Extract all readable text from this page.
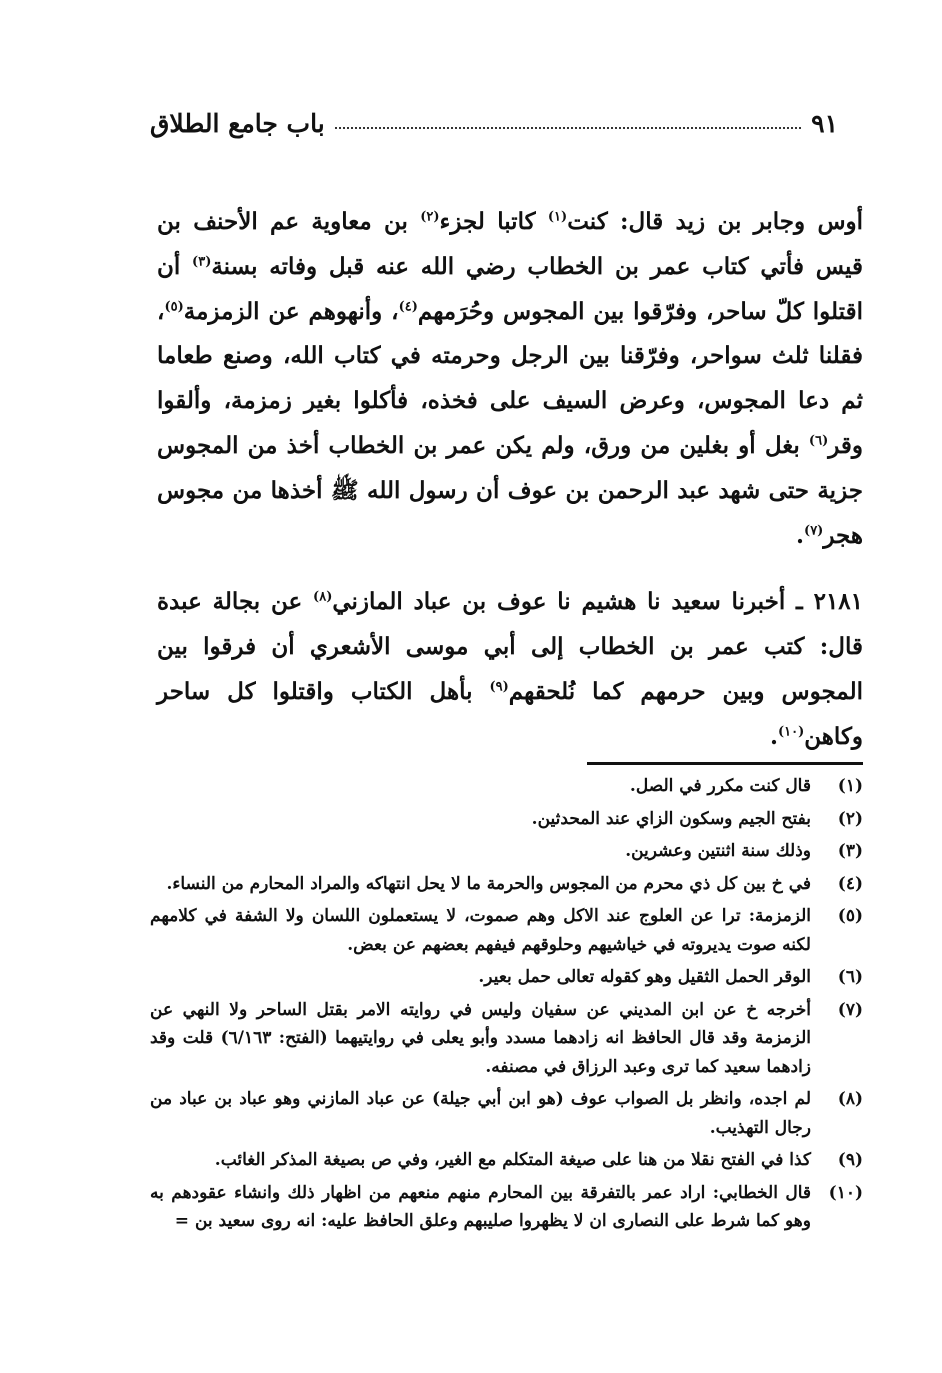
باب جامع الطلاق	٩١

أوس وجابر بن زيد قال: كنت$^{(١)}$ كاتبا لجزء$^{(٢)}$ بن معاوية عم الأحنف بن قيس فأتي كتاب عمر بن الخطاب رضي الله عنه قبل وفاته بسنة$^{(٣)}$ أن اقتلوا كلّ ساحر، وفرّقوا بين المجوس وحُرَمهم$^{(٤)}$، وأنهوهم عن الزمزمة$^{(٥)}$، فقلنا ثلث سواحر، وفرّقنا بين الرجل وحرمته في كتاب الله، وصنع طعاما ثم دعا المجوس، وعرض السيف على فخذه، فأكلوا بغير زمزمة، وألقوا وقر$^{(٦)}$ بغل أو بغلين من ورق، ولم يكن عمر بن الخطاب أخذ من المجوس جزية حتى شهد عبد الرحمن بن عوف أن رسول الله ﷺ أخذها من مجوس هجر$^{(٧)}$.

٢١٨١ ـ أخبرنا سعيد نا هشيم نا عوف بن عباد المازني$^{(٨)}$ عن بجالة عبدة قال: كتب عمر بن الخطاب إلى أبي موسى الأشعري أن فرقوا بين المجوس وبين حرمهم كما نُلحقهم$^{(٩)}$ بأهل الكتاب واقتلوا كل ساحر وكاهن$^{(١٠)}$.

(١)
قال كنت مكرر في الصل.
(٢)
بفتح الجيم وسكون الزاي عند المحدثين.
(٣)
وذلك سنة اثنتين وعشرين.
(٤)
في خ بين كل ذي محرم من المجوس والحرمة ما لا يحل انتهاكه والمراد المحارم من النساء.
(٥)
الزمزمة: ترا عن العلوج عند الاكل وهم صموت، لا يستعملون اللسان ولا الشفة في كلامهم لكنه صوت يديروته في خياشيهم وحلوقهم فيفهم بعضهم عن بعض.
(٦)
الوقر الحمل الثقيل وهو كقوله تعالى حمل بعير.
(٧)
أخرجه خ عن ابن المديني عن سفيان وليس في روايته الامر بقتل الساحر ولا النهي عن الزمزمة وقد قال الحافظ انه زادهما مسدد وأبو يعلى في روايتيهما (الفتح: ٦/١٦٣) قلت وقد زادهما سعيد كما ترى وعبد الرزاق في مصنفه.
(٨)
لم اجده، وانظر بل الصواب عوف (هو ابن أبي جيلة) عن عباد المازني وهو عباد بن عباد من رجال التهذيب.
(٩)
كذا في الفتح نقلا من هنا على صيغة المتكلم مع الغير، وفي ص بصيغة المذكر الغائب.
(١٠)
قال الخطابي: اراد عمر بالتفرقة بين المحارم منهم منعهم من اظهار ذلك وانشاء عقودهم به وهو كما شرط على النصارى ان لا يظهروا صليبهم وعلق الحافظ عليه: انه روى سعيد بن =
